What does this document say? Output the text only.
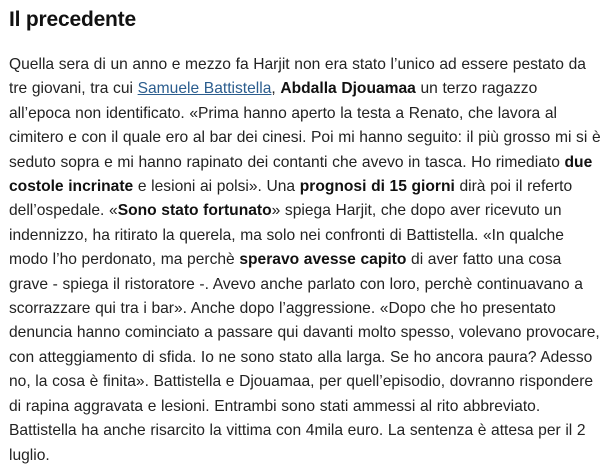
Il precedente

Quella sera di un anno e mezzo fa Harjit non era stato l’unico ad essere pestato da tre giovani, tra cui Samuele Battistella, Abdalla Djouamaa un terzo ragazzo all’epoca non identificato. «Prima hanno aperto la testa a Renato, che lavora al cimitero e con il quale ero al bar dei cinesi. Poi mi hanno seguito: il più grosso mi si è seduto sopra e mi hanno rapinato dei contanti che avevo in tasca. Ho rimediato due costole incrinate e lesioni ai polsi». Una prognosi di 15 giorni dirà poi il referto dell’ospedale. «Sono stato fortunato» spiega Harjit, che dopo aver ricevuto un indennizzo, ha ritirato la querela, ma solo nei confronti di Battistella. «In qualche modo l’ho perdonato, ma perchè speravo avesse capito di aver fatto una cosa grave - spiega il ristoratore -. Avevo anche parlato con loro, perchè continuavano a scorrazzare qui tra i bar». Anche dopo l’aggressione. «Dopo che ho presentato denuncia hanno cominciato a passare qui davanti molto spesso, volevano provocare, con atteggiamento di sfida. Io ne sono stato alla larga. Se ho ancora paura? Adesso no, la cosa è finita». Battistella e Djouamaa, per quell’episodio, dovranno rispondere di rapina aggravata e lesioni. Entrambi sono stati ammessi al rito abbreviato. Battistella ha anche risarcito la vittima con 4mila euro. La sentenza è attesa per il 2 luglio.
